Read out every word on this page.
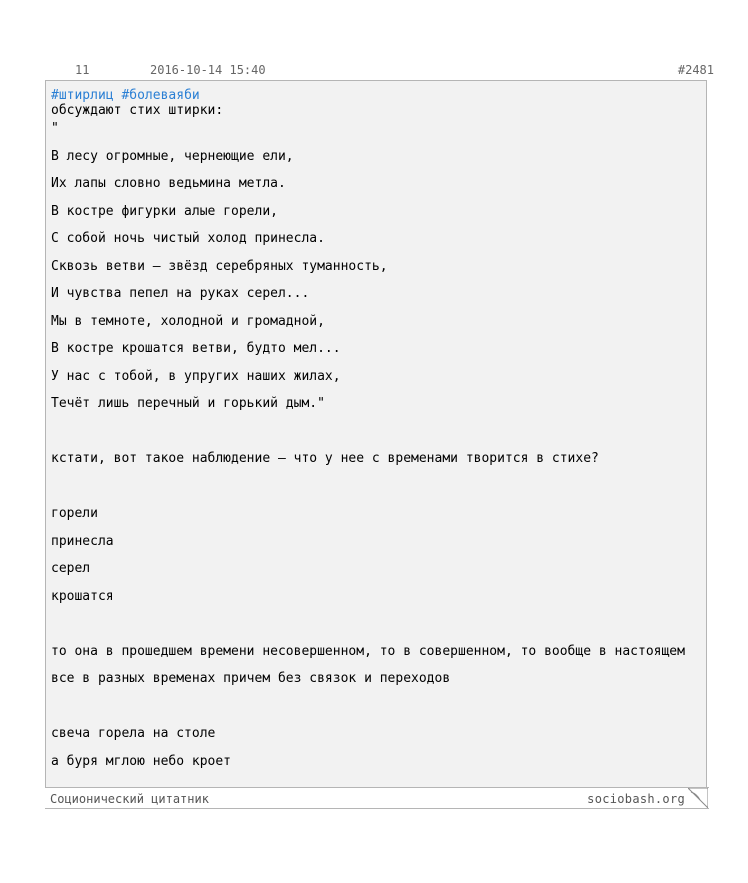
11	2016-10-14 15:40	#2481
#штирлиц #болеваяби
обсуждают стих штирки:
"
В лесу огромные, чернеющие ели,
Их лапы словно ведьмина метла.
В костре фигурки алые горели,
С собой ночь чистый холод принесла.
Сквозь ветви – звёзд серебряных туманность,
И чувства пепел на руках серел...
Мы в темноте, холодной и громадной,
В костре крошатся ветви, будто мел...
У нас с тобой, в упругих наших жилах,
Течёт лишь перечный и горький дым."
кстати, вот такое наблюдение – что у нее с временами творится в стихе?
горели
принесла
серел
крошатся
то она в прошедшем времени несовершенном, то в совершенном, то вообще в настоящем
все в разных временах причем без связок и переходов
свеча горела на столе
а буря мглою небо кроет
Соционический цитатник	sociobash.org
